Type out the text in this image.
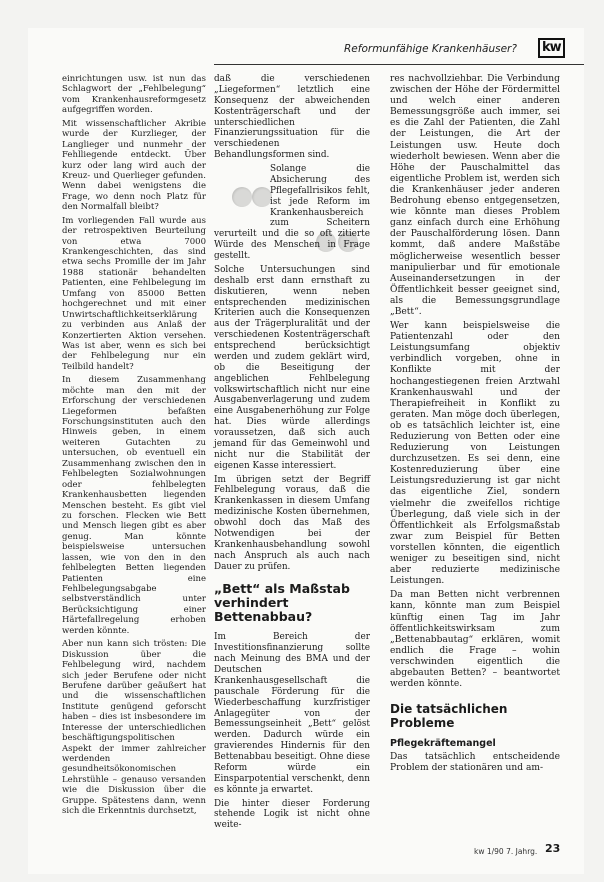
Reformunfähige Krankenhäuser?	kw

einrichtungen usw. ist nun das Schlagwort der „Fehlbelegung“ vom Krankenhausreformgesetz aufgegriffen worden.

Mit wissenschaftlicher Akribie wurde der Kurzlieger, der Langlieger und nunmehr der Fehlliegende entdeckt. Über kurz oder lang wird auch der Kreuz- und Querlieger gefunden. Wenn dabei wenigstens die Frage, wo denn noch Platz für den Normalfall bleibt?

Im vorliegenden Fall wurde aus der retrospektiven Beurteilung von etwa 7000 Krankengeschichten, das sind etwa sechs Promille der im Jahr 1988 stationär behandelten Patienten, eine Fehlbelegung im Umfang von 85000 Betten hochgerechnet und mit einer Unwirtschaftlichkeitserklärung zu verbinden aus Anlaß der Konzertierten Aktion versehen. Was ist aber, wenn es sich bei der Fehlbelegung nur ein Teilbild handelt?

In diesem Zusammenhang möchte man den mit der Erforschung der verschiedenen Liegeformen befaßten Forschungsinstituten auch den Hinweis geben, in einem weiteren Gutachten zu untersuchen, ob eventuell ein Zusammenhang zwischen den in Fehlbelegten Sozialwohnungen oder fehlbelegten Krankenhausbetten liegenden Menschen besteht. Es gibt viel zu forschen. Flecken wie Bett und Mensch liegen gibt es aber genug. Man könnte beispielsweise untersuchen lassen, wie von den in den fehlbelegten Betten liegenden Patienten eine Fehlbelegungsabgabe selbstverständlich unter Berücksichtigung einer Härtefallregelung erhoben werden könnte.

Aber nun kann sich trösten: Die Diskussion über die Fehlbelegung wird, nachdem sich jeder Berufene oder nicht Berufene darüber geäußert hat und die wissenschaftlichen Institute genügend geforscht haben – dies ist insbesondere im Interesse der unterschiedlichen beschäftigungspolitischen Aspekt der immer zahlreicher werdenden gesundheitsökonomischen Lehrstühle – genauso versanden wie die Diskussion über die Gruppe. Spätestens dann, wenn sich die Erkenntnis durchsetzt,

daß die verschiedenen „Liegeformen“ letztlich eine Konsequenz der abweichenden Kostenträgerschaft und der unterschiedlichen Finanzierungssituation für die verschiedenen Behandlungsformen sind.

Solange die Absicherung des Pflegefallrisikos fehlt, ist jede Reform im Krankenhausbereich zum Scheitern verurteilt und die so oft zitierte Würde des Menschen in Frage gestellt.

Solche Untersuchungen sind deshalb erst dann ernsthaft zu diskutieren, wenn neben entsprechenden medizinischen Kriterien auch die Konsequenzen aus der Trägerpluralität und der verschiedenen Kostenträgerschaft entsprechend berücksichtigt werden und zudem geklärt wird, ob die Beseitigung der angeblichen Fehlbelegung volkswirtschaftlich nicht nur eine Ausgabenverlagerung und zudem eine Ausgabenerhöhung zur Folge hat. Dies würde allerdings voraussetzen, daß sich auch jemand für das Gemeinwohl und nicht nur die Stabilität der eigenen Kasse interessiert.

Im übrigen setzt der Begriff Fehlbelegung voraus, daß die Krankenkassen in diesem Umfang medizinische Kosten übernehmen, obwohl doch das Maß des Notwendigen bei der Krankenhausbehandlung sowohl nach Anspruch als auch nach Dauer zu prüfen.

„Bett“ als Maßstab verhindert Bettenabbau?

Im Bereich der Investitionsfinanzierung sollte nach Meinung des BMA und der Deutschen Krankenhausgesellschaft die pauschale Förderung für die Wiederbeschaffung kurzfristiger Anlagegüter von der Bemessungseinheit „Bett“ gelöst werden. Dadurch würde ein gravierendes Hindernis für den Bettenabbau beseitigt. Ohne diese Reform würde ein Einsparpotential verschenkt, denn es könnte ja erwartet.

Die hinter dieser Forderung stehende Logik ist nicht ohne weite-

res nachvollziehbar. Die Verbindung zwischen der Höhe der Fördermittel und welch einer anderen Bemessungsgröße auch immer, sei es die Zahl der Patienten, die Zahl der Leistungen, die Art der Leistungen usw. Heute doch wiederholt bewiesen. Wenn aber die Höhe der Pauschalmittel das eigentliche Problem ist, werden sich die Krankenhäuser jeder anderen Bedrohung ebenso entgegensetzen, wie könnte man dieses Problem ganz einfach durch eine Erhöhung der Pauschalförderung lösen. Dann kommt, daß andere Maßstäbe möglicherweise wesentlich besser manipulierbar und für emotionale Auseinandersetzungen in der Öffentlichkeit besser geeignet sind, als die Bemessungsgrundlage „Bett“.

Wer kann beispielsweise die Patientenzahl oder den Leistungsumfang objektiv verbindlich vorgeben, ohne in Konflikte mit der hochangestiegenen freien Arztwahl Krankenhauswahl und der Therapiefreiheit in Konflikt zu geraten. Man möge doch überlegen, ob es tatsächlich leichter ist, eine Reduzierung von Betten oder eine Reduzierung von Leistungen durchzusetzen. Es sei denn, eine Kostenreduzierung über eine Leistungsreduzierung ist gar nicht das eigentliche Ziel, sondern vielmehr die zweifellos richtige Überlegung, daß viele sich in der Öffentlichkeit als Erfolgsmaßstab zwar zum Beispiel für Betten vorstellen könnten, die eigentlich weniger zu beseitigen sind, nicht aber reduzierte medizinische Leistungen.

Da man Betten nicht verbrennen kann, könnte man zum Beispiel künftig einen Tag im Jahr öffentlichkeitswirksam zum „Bettenabbautag“ erklären, womit endlich die Frage – wohin verschwinden eigentlich die abgebauten Betten? – beantwortet werden könnte.

Die tatsächlichen Probleme
Pflegekräftemangel

Das tatsächlich entscheidende Problem der stationären und am-

kw 1/90 7. Jahrg. 23
